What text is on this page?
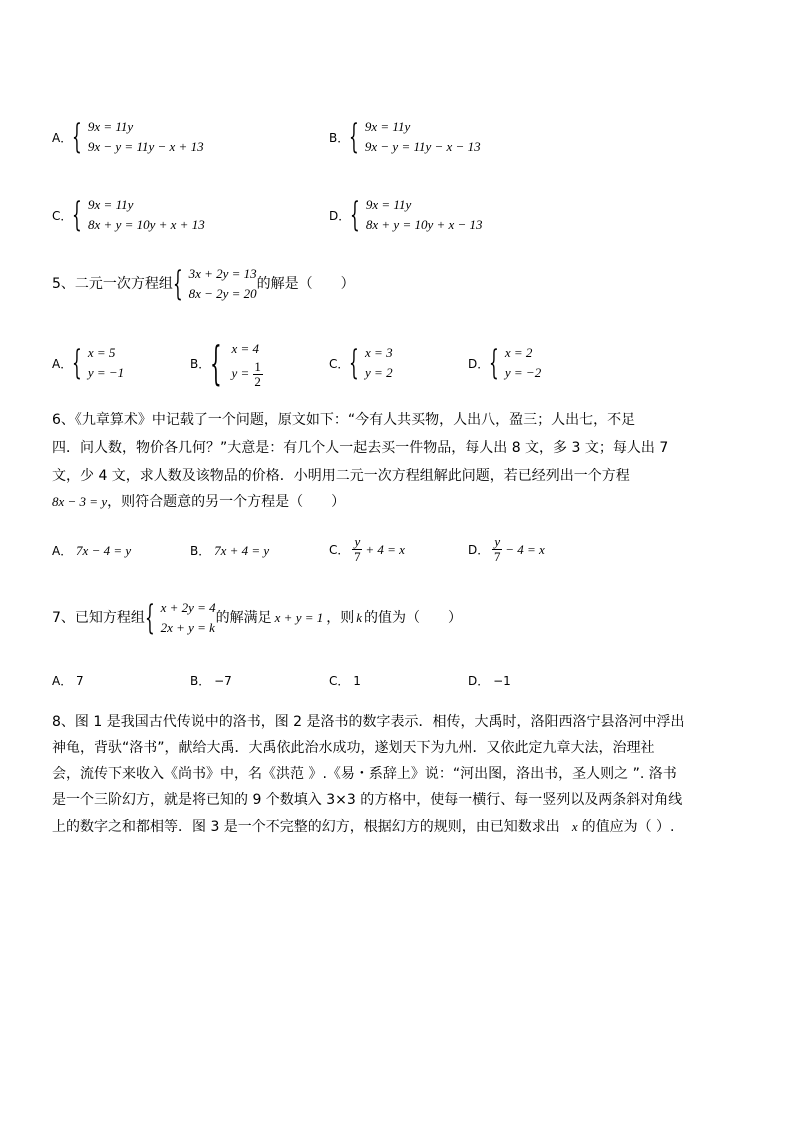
A． { 9x = 11y
9x − y = 11y − x + 13
B． { 9x = 11y
9x − y = 11y − x − 13
C． { 9x = 11y
8x + y = 10y + x + 13
D． { 9x = 11y
8x + y = 10y + x − 13
5、二元一次方程组 { 3x + 2y = 13
8x − 2y = 20
的解是（　　）
A． { x = 5
y = −1
B． { x = 4
$y = \frac{1}{2}$	C． { x = 3
y = 2
D． { x = 2
y = −2
6、《九章算术》中记载了一个问题，原文如下：“今有人共买物，人出八，盈三；人出七，不足
四．问人数，物价各几何？”大意是：有几个人一起去买一件物品，每人出 8 文，多 3 文；每人出 7
文，少 4 文，求人数及该物品的价格．小明用二元一次方程组解此问题，若已经列出一个方程
8x − 3 = y，则符合题意的另一个方程是（　　）
A． 7x − 4 = y	B． 7x + 4 = y	C． $\frac{y}{7} + 4 = x$	D． $\frac{y}{7} - 4 = x$
7、已知方程组 { x + 2y = 4
2x + y = k
的解满足 x + y = 1 ，则 k 的值为（　　）
A． 7	B． −7	C． 1	D． −1
8、图 1 是我国古代传说中的洛书，图 2 是洛书的数字表示．相传，大禹时，洛阳西洛宁县洛河中浮出
神龟，背驮“洛书”，献给大禹．大禹依此治水成功，遂划天下为九州．又依此定九章大法，治理社
会，流传下来收入《尚书》中，名《洪范 》.《易・系辞上》说：“河出图，洛出书，圣人则之 ”. 洛书
是一个三阶幻方，就是将已知的 9 个数填入 3×3 的方格中，使每一横行、每一竖列以及两条斜对角线
上的数字之和都相等．图 3 是一个不完整的幻方，根据幻方的规则，由已知数求出 x 的值应为（ ）.
